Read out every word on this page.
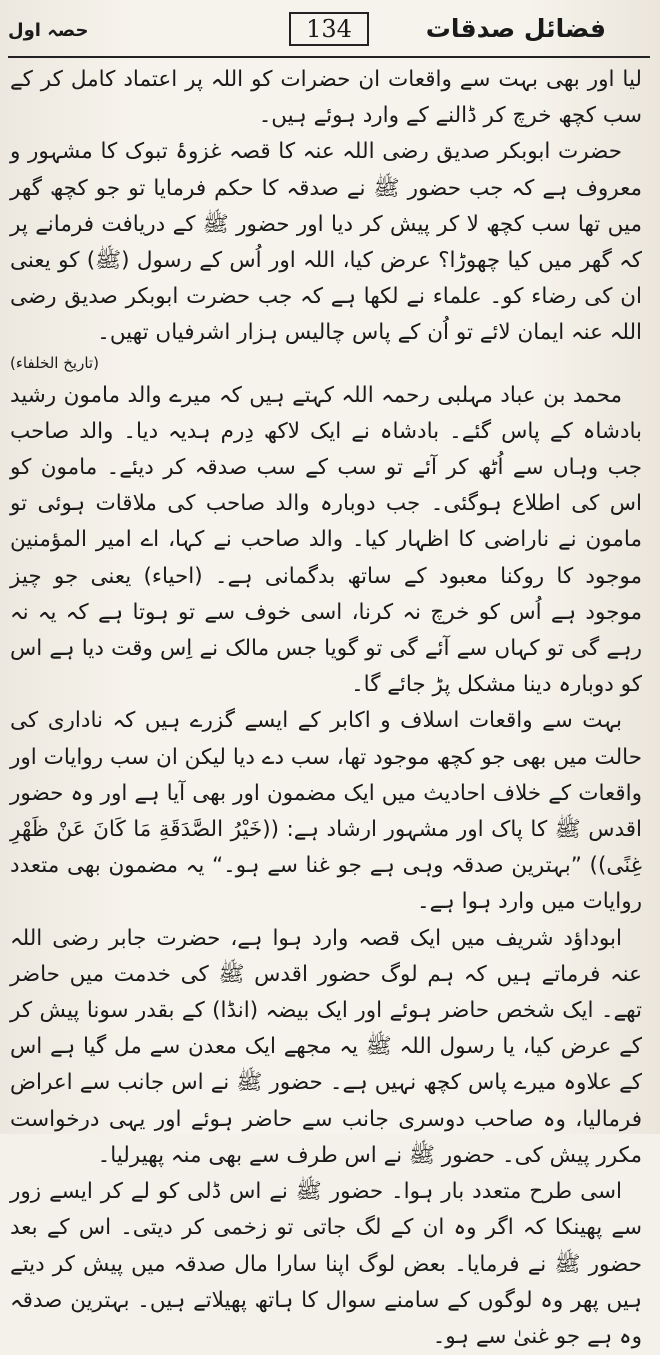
فضائل صدقات
134
حصہ اول

لیا اور بھی بہت سے واقعات ان حضرات کو اللہ پر اعتماد کامل کر کے سب کچھ خرچ کر ڈالنے کے وارد ہوئے ہیں۔

حضرت ابوبکر صدیق رضی اللہ عنہ کا قصہ غزوۂ تبوک کا مشہور و معروف ہے کہ جب حضور ﷺ نے صدقہ کا حکم فرمایا تو جو کچھ گھر میں تھا سب کچھ لا کر پیش کر دیا اور حضور ﷺ کے دریافت فرمانے پر کہ گھر میں کیا چھوڑا؟ عرض کیا، اللہ اور اُس کے رسول (ﷺ) کو یعنی ان کی رضاء کو۔ علماء نے لکھا ہے کہ جب حضرت ابوبکر صدیق رضی اللہ عنہ ایمان لائے تو اُن کے پاس چالیس ہزار اشرفیاں تھیں۔

(تاریخ الخلفاء)

محمد بن عباد مہلبی رحمہ اللہ کہتے ہیں کہ میرے والد مامون رشید بادشاہ کے پاس گئے۔ بادشاہ نے ایک لاکھ دِرم ہدیہ دیا۔ والد صاحب جب وہاں سے اُٹھ کر آئے تو سب کے سب صدقہ کر دیئے۔ مامون کو اس کی اطلاع ہوگئی۔ جب دوبارہ والد صاحب کی ملاقات ہوئی تو مامون نے ناراضی کا اظہار کیا۔ والد صاحب نے کہا، اے امیر المؤمنین موجود کا روکنا معبود کے ساتھ بدگمانی ہے۔ (احیاء) یعنی جو چیز موجود ہے اُس کو خرچ نہ کرنا، اسی خوف سے تو ہوتا ہے کہ یہ نہ رہے گی تو کہاں سے آئے گی تو گویا جس مالک نے اِس وقت دیا ہے اس کو دوبارہ دینا مشکل پڑ جائے گا۔

بہت سے واقعات اسلاف و اکابر کے ایسے گزرے ہیں کہ ناداری کی حالت میں بھی جو کچھ موجود تھا، سب دے دیا لیکن ان سب روایات اور واقعات کے خلاف احادیث میں ایک مضمون اور بھی آیا ہے اور وہ حضور اقدس ﷺ کا پاک اور مشہور ارشاد ہے: ((خَيْرُ الصَّدَقَةِ مَا كَانَ عَنْ ظَهْرِ غِنًى)) ”بہترین صدقہ وہی ہے جو غنا سے ہو۔“ یہ مضمون بھی متعدد روایات میں وارد ہوا ہے۔

ابوداؤد شریف میں ایک قصہ وارد ہوا ہے، حضرت جابر رضی اللہ عنہ فرماتے ہیں کہ ہم لوگ حضور اقدس ﷺ کی خدمت میں حاضر تھے۔ ایک شخص حاضر ہوئے اور ایک بیضہ (انڈا) کے بقدر سونا پیش کر کے عرض کیا، یا رسول اللہ ﷺ یہ مجھے ایک معدن سے مل گیا ہے اس کے علاوہ میرے پاس کچھ نہیں ہے۔ حضور ﷺ نے اس جانب سے اعراض فرمالیا، وہ صاحب دوسری جانب سے حاضر ہوئے اور یہی درخواست مکرر پیش کی۔ حضور ﷺ نے اس طرف سے بھی منہ پھیرلیا۔

اسی طرح متعدد بار ہوا۔ حضور ﷺ نے اس ڈلی کو لے کر ایسے زور سے پھینکا کہ اگر وہ ان کے لگ جاتی تو زخمی کر دیتی۔ اس کے بعد حضور ﷺ نے فرمایا۔ بعض لوگ اپنا سارا مال صدقہ میں پیش کر دیتے ہیں پھر وہ لوگوں کے سامنے سوال کا ہاتھ پھیلاتے ہیں۔ بہترین صدقہ وہ ہے جو غنیٰ سے ہو۔
